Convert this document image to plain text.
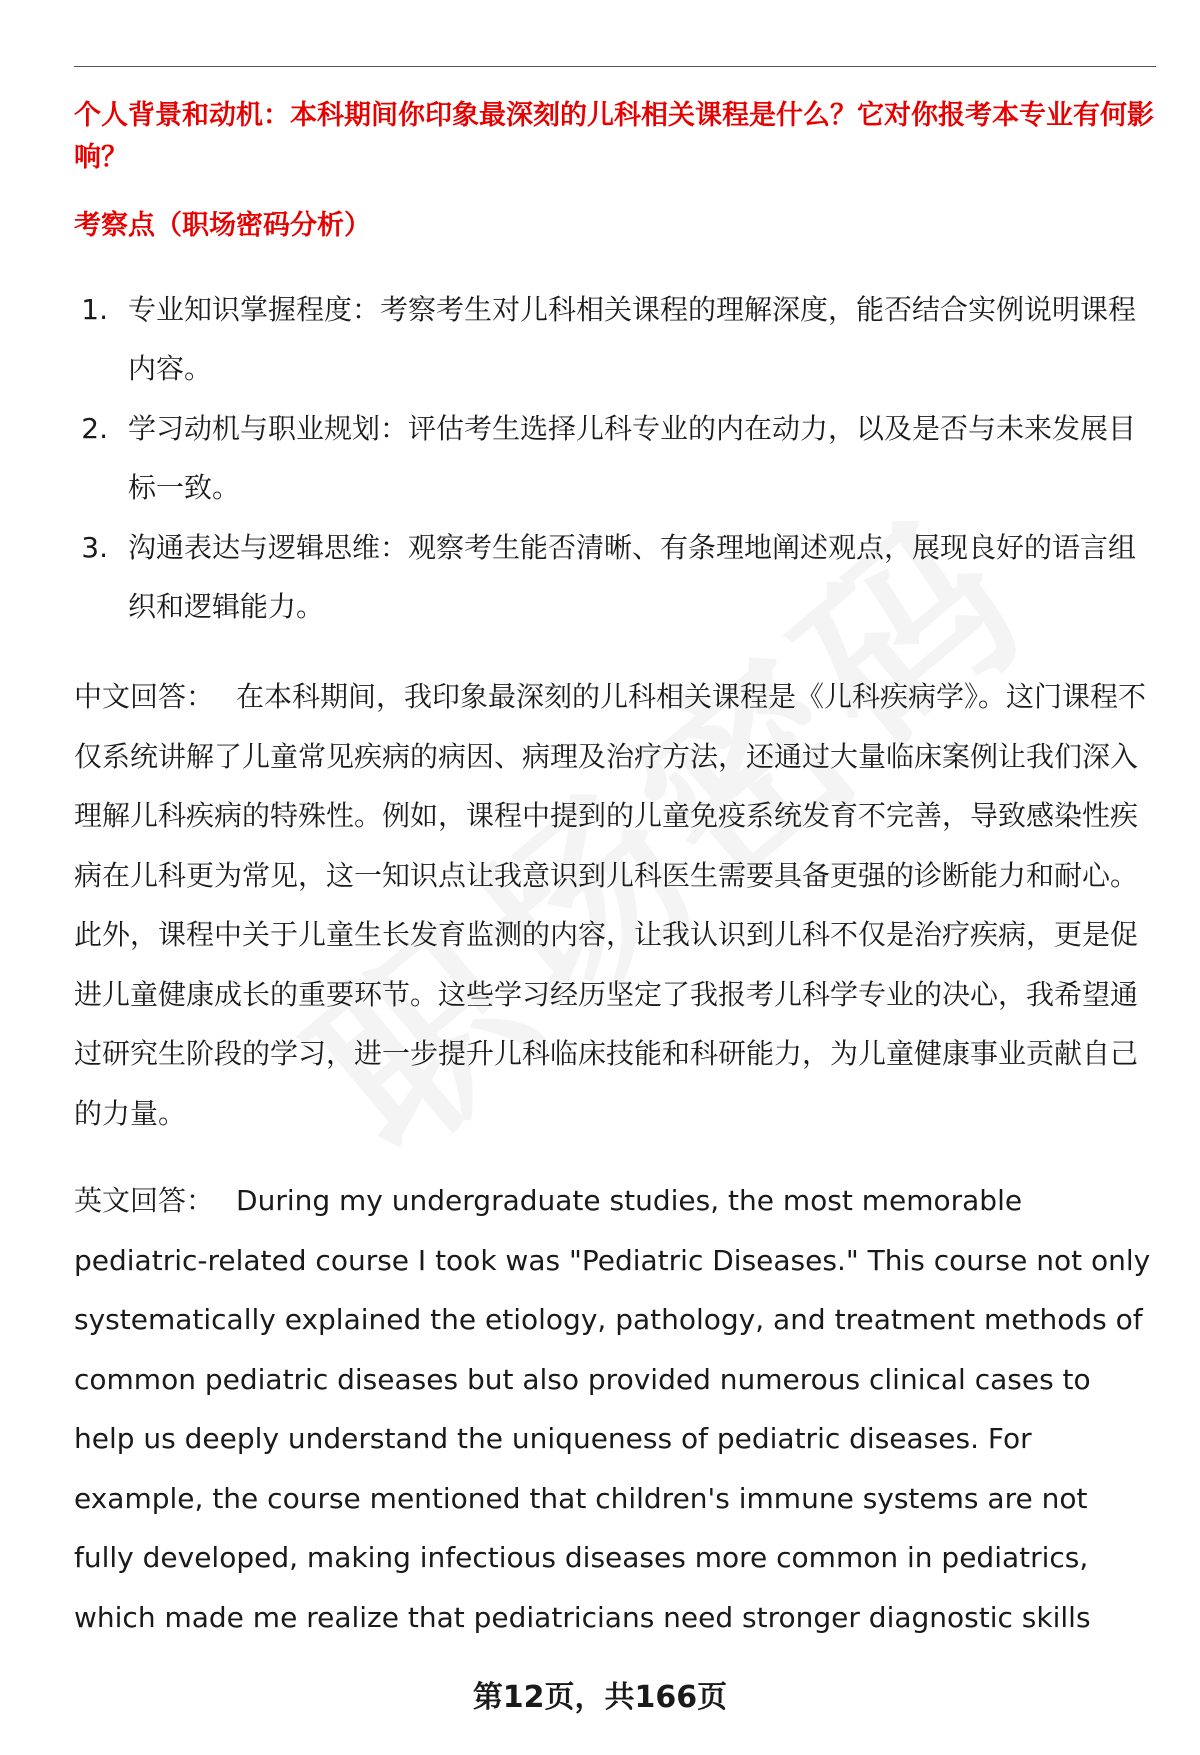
个人背景和动机：本科期间你印象最深刻的儿科相关课程是什么？它对你报考本专业有何影响？

考察点（职场密码分析）

1. 专业知识掌握程度：考察考生对儿科相关课程的理解深度，能否结合实例说明课程内容。
2. 学习动机与职业规划：评估考生选择儿科专业的内在动力，以及是否与未来发展目标一致。
3. 沟通表达与逻辑思维：观察考生能否清晰、有条理地阐述观点，展现良好的语言组织和逻辑能力。

中文回答： 在本科期间，我印象最深刻的儿科相关课程是《儿科疾病学》。这门课程不仅系统讲解了儿童常见疾病的病因、病理及治疗方法，还通过大量临床案例让我们深入理解儿科疾病的特殊性。例如，课程中提到的儿童免疫系统发育不完善，导致感染性疾病在儿科更为常见，这一知识点让我意识到儿科医生需要具备更强的诊断能力和耐心。此外，课程中关于儿童生长发育监测的内容，让我认识到儿科不仅是治疗疾病，更是促进儿童健康成长的重要环节。这些学习经历坚定了我报考儿科学专业的决心，我希望通过研究生阶段的学习，进一步提升儿科临床技能和科研能力，为儿童健康事业贡献自己的力量。

英文回答： During my undergraduate studies, the most memorable pediatric-related course I took was "Pediatric Diseases." This course not only systematically explained the etiology, pathology, and treatment methods of common pediatric diseases but also provided numerous clinical cases to help us deeply understand the uniqueness of pediatric diseases. For example, the course mentioned that children's immune systems are not fully developed, making infectious diseases more common in pediatrics, which made me realize that pediatricians need stronger diagnostic skills

第12页，共166页
